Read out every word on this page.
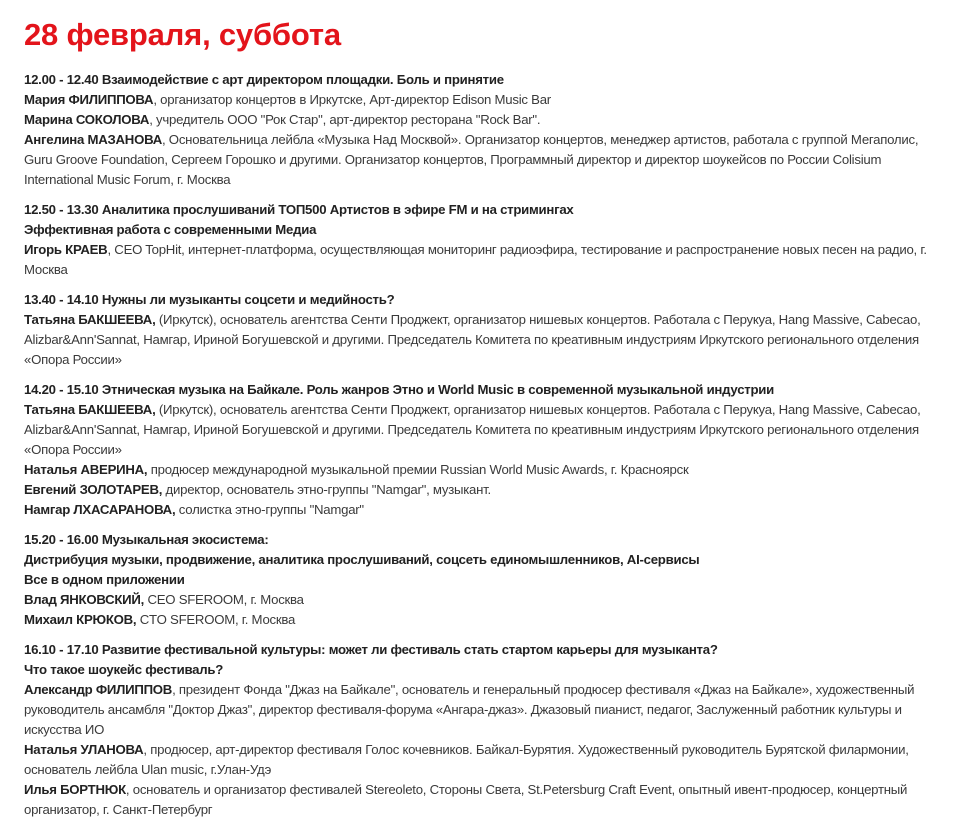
28 февраля, суббота
12.00 - 12.40 Взаимодействие с арт директором площадки. Боль и принятие
Мария ФИЛИППОВА, организатор концертов в Иркутске, Арт-директор Edison Music Bar
Марина СОКОЛОВА, учредитель ООО "Рок Стар", арт-директор ресторана "Rock Bar".
Ангелина МАЗАНОВА, Основательница лейбла «Музыка Над Москвой». Организатор концертов, менеджер артистов, работала с группой Мегаполис, Guru Groove Foundation, Сергеем Горошко и другими. Организатор концертов, Программный директор и директор шоукейсов по России Colisium International Music Forum, г. Москва
12.50 - 13.30 Аналитика прослушиваний ТОП500 Артистов в эфире FM и на стримингах
Эффективная работа с современными Медиа
Игорь КРАЕВ, CEO TopHit, интернет-платформа, осуществляющая мониторинг радиоэфира, тестирование и распространение новых песен на радио, г. Москва
13.40 - 14.10 Нужны ли музыканты соцсети и медийность?
Татьяна БАКШЕЕВА, (Иркутск), основатель агентства Сенти Проджект, организатор нишевых концертов. Работала с Перукуа, Hang Massive, Cabecao, Alizbar&Ann'Sannat, Намгар, Ириной Богушевской и другими. Председатель Комитета по креативным индустриям Иркутского регионального отделения «Опора России»
14.20 - 15.10 Этническая музыка на Байкале. Роль жанров Этно и World Music в современной музыкальной индустрии
Татьяна БАКШЕЕВА, (Иркутск), основатель агентства Сенти Проджект, организатор нишевых концертов. Работала с Перукуа, Hang Massive, Cabecao, Alizbar&Ann'Sannat, Намгар, Ириной Богушевской и другими. Председатель Комитета по креативным индустриям Иркутского регионального отделения «Опора России»
Наталья АВЕРИНА, продюсер международной музыкальной премии Russian World Music Awards, г. Красноярск
Евгений ЗОЛОТАРЕВ, директор, основатель этно-группы "Namgar", музыкант.
Намгар ЛХАСАРАНОВА, солистка этно-группы "Namgar"
15.20 - 16.00 Музыкальная экосистема:
Дистрибуция музыки, продвижение, аналитика прослушиваний, соцсеть единомышленников, AI-сервисы
Все в одном приложении
Влад ЯНКОВСКИЙ, CEO SFEROOM, г. Москва
Михаил КРЮКОВ, CTO SFEROOM, г. Москва
16.10 - 17.10 Развитие фестивальной культуры: может ли фестиваль стать стартом карьеры для музыканта?
Что такое шоукейс фестиваль?
Александр ФИЛИППОВ, президент Фонда "Джаз на Байкале", основатель и генеральный продюсер фестиваля «Джаз на Байкале», художественный руководитель ансамбля "Доктор Джаз", директор фестиваля-форума «Ангара-джаз». Джазовый пианист, педагог, Заслуженный работник культуры и искусства ИО
Наталья УЛАНОВА, продюсер, арт-директор фестиваля Голос кочевников. Байкал-Бурятия. Художественный руководитель Бурятской филармонии, основатель лейбла Ulan music, г.Улан-Удэ
Илья БОРТНЮК, основатель и организатор фестивалей Stereoleto, Стороны Света, St.Petersburg Craft Event, опытный ивент-продюсер, концертный организатор, г. Санкт-Петербург
